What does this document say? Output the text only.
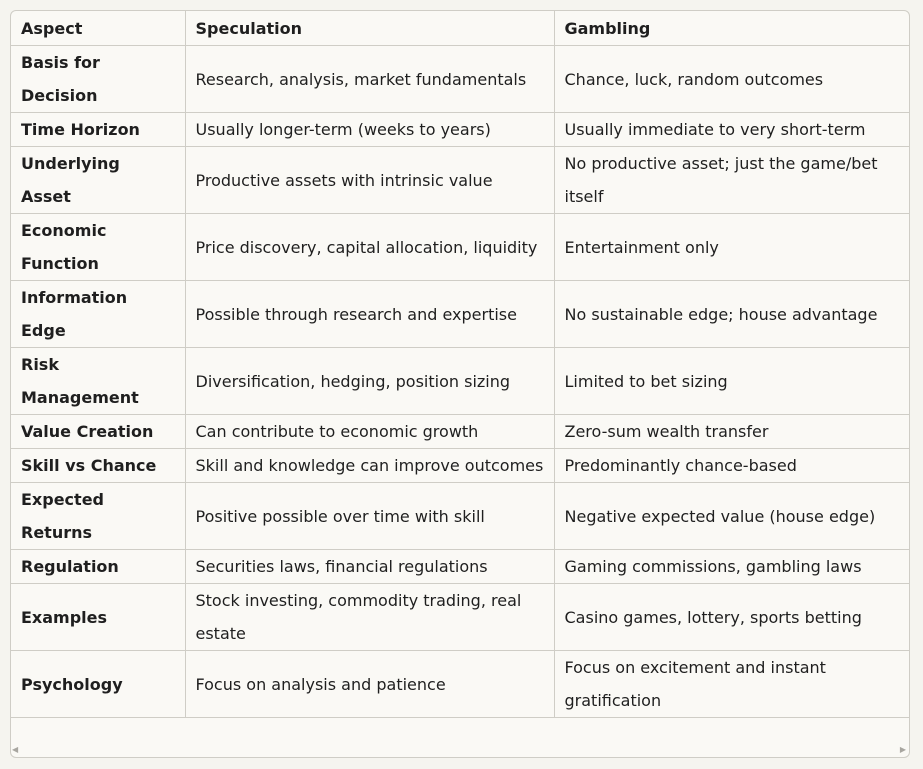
Aspect	Speculation	Gambling
Basis for Decision	Research, analysis, market fundamentals	Chance, luck, random outcomes
Time Horizon	Usually longer-term (weeks to years)	Usually immediate to very short-term
Underlying Asset	Productive assets with intrinsic value	No productive asset; just the game/bet itself
Economic Function	Price discovery, capital allocation, liquidity	Entertainment only
Information Edge	Possible through research and expertise	No sustainable edge; house advantage
Risk Management	Diversification, hedging, position sizing	Limited to bet sizing
Value Creation	Can contribute to economic growth	Zero-sum wealth transfer
Skill vs Chance	Skill and knowledge can improve outcomes	Predominantly chance-based
Expected Returns	Positive possible over time with skill	Negative expected value (house edge)
Regulation	Securities laws, financial regulations	Gaming commissions, gambling laws
Examples	Stock investing, commodity trading, real estate	Casino games, lottery, sports betting
Psychology	Focus on analysis and patience	Focus on excitement and instant gratification
◀	▶
